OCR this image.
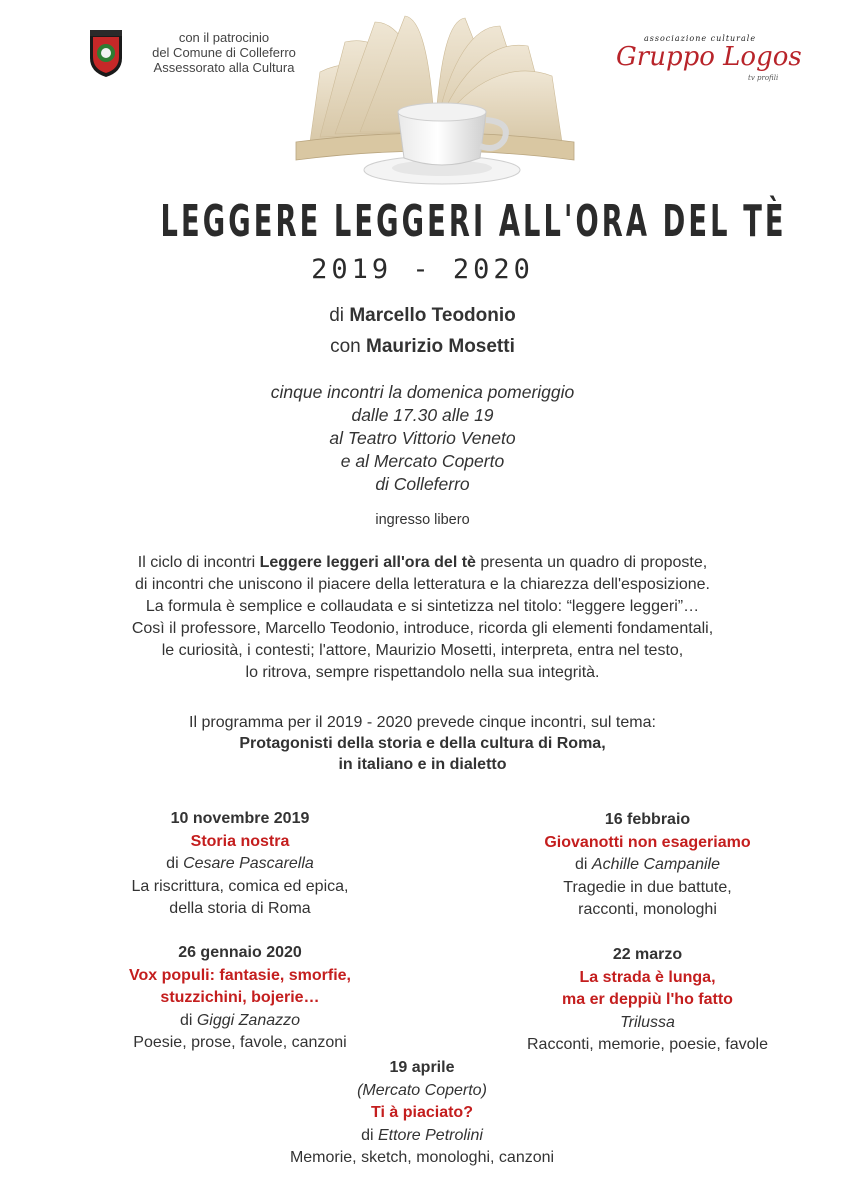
con il patrocinio
del Comune di Colleferro
Assessorato alla Cultura
associazione culturale
Gruppo Logos
tv profili
LEGGERE LEGGERI ALL'ORA DEL TÈ
2019 - 2020
di Marcello Teodonio
con Maurizio Mosetti
cinque incontri la domenica pomeriggio
dalle 17.30 alle 19
al Teatro Vittorio Veneto
e al Mercato Coperto
di Colleferro
ingresso libero
Il ciclo di incontri Leggere leggeri all'ora del tè presenta un quadro di proposte,
di incontri che uniscono il piacere della letteratura e la chiarezza dell'esposizione.
La formula è semplice e collaudata e si sintetizza nel titolo: “leggere leggeri”…
Così il professore, Marcello Teodonio, introduce, ricorda gli elementi fondamentali,
le curiosità, i contesti; l'attore, Maurizio Mosetti, interpreta, entra nel testo,
lo ritrova, sempre rispettandolo nella sua integrità.
Il programma per il 2019 - 2020 prevede cinque incontri, sul tema:
Protagonisti della storia e della cultura di Roma,
in italiano e in dialetto
10 novembre 2019
Storia nostra
di Cesare Pascarella
La riscrittura, comica ed epica,
della storia di Roma
16 febbraio
Giovanotti non esageriamo
di Achille Campanile
Tragedie in due battute,
racconti, monologhi
26 gennaio 2020
Vox populi: fantasie, smorfie,
stuzzichini, bojerie…
di Giggi Zanazzo
Poesie, prose, favole, canzoni
22 marzo
La strada è lunga,
ma er deppiù l'ho fatto
Trilussa
Racconti, memorie, poesie, favole
19 aprile
(Mercato Coperto)
Ti à piaciato?
di Ettore Petrolini
Memorie, sketch, monologhi, canzoni
